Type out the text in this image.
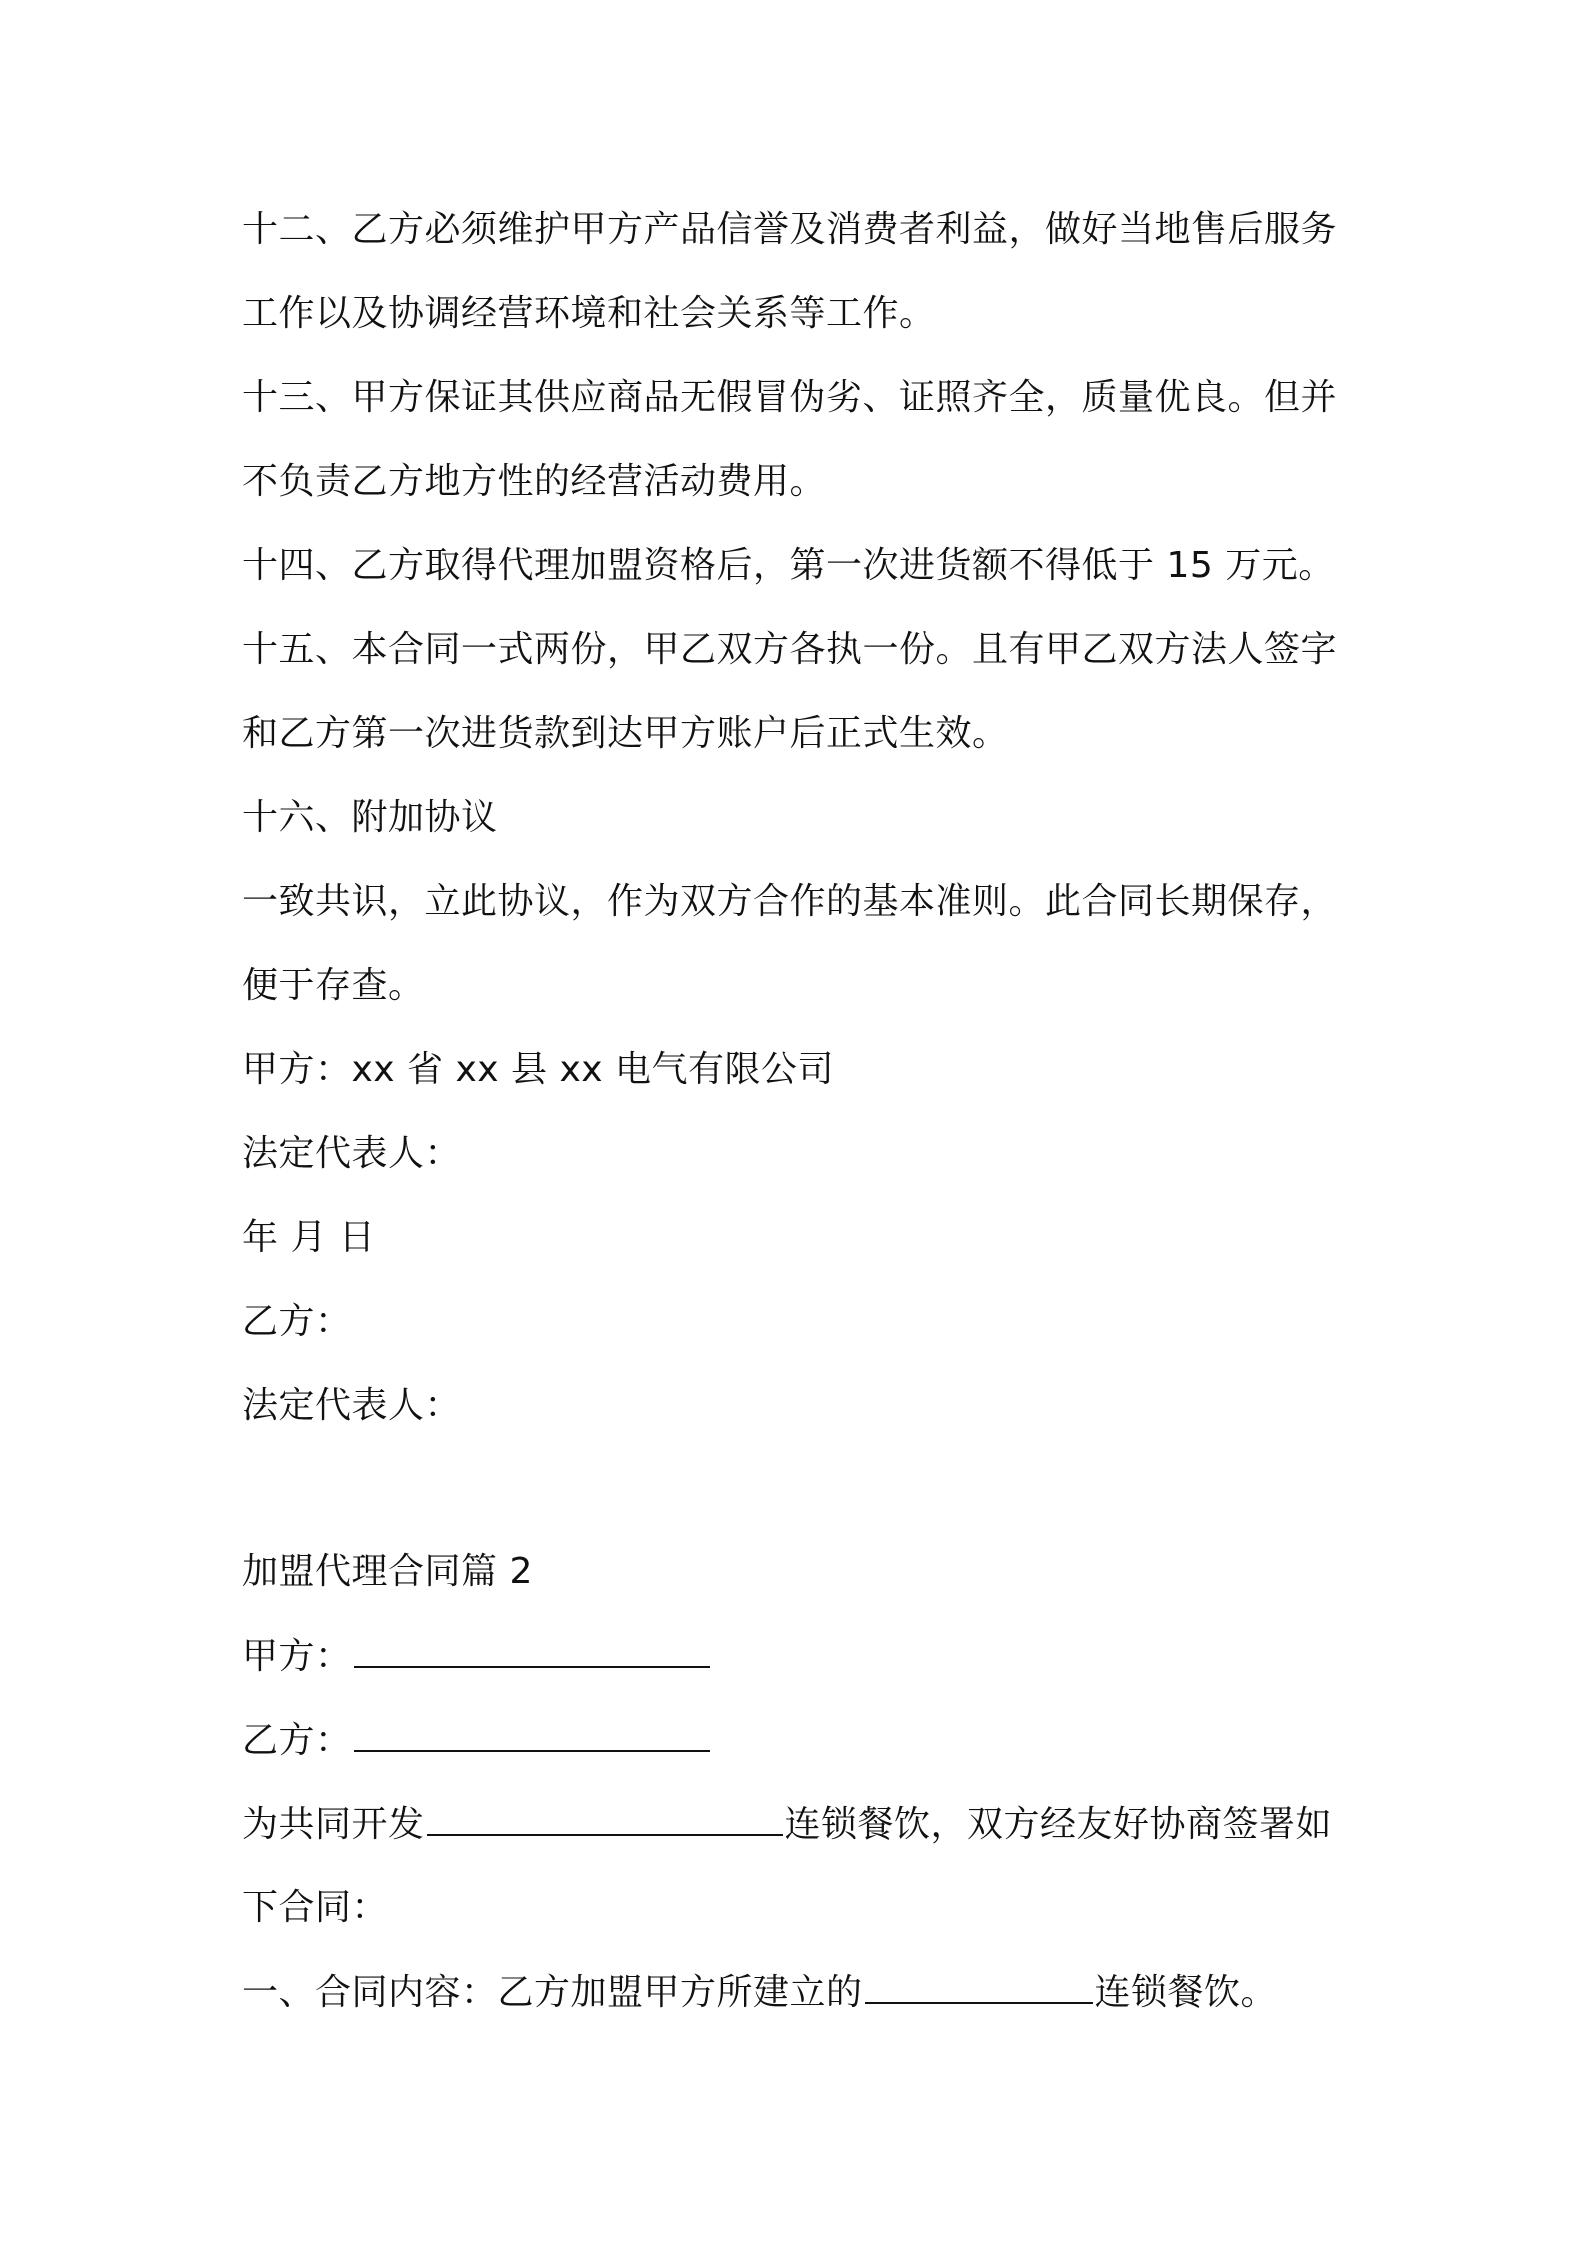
十二、乙方必须维护甲方产品信誉及消费者利益，做好当地售后服务
工作以及协调经营环境和社会关系等工作。
十三、甲方保证其供应商品无假冒伪劣、证照齐全，质量优良。但并
不负责乙方地方性的经营活动费用。
十四、乙方取得代理加盟资格后，第一次进货额不得低于 15 万元。
十五、本合同一式两份，甲乙双方各执一份。且有甲乙双方法人签字
和乙方第一次进货款到达甲方账户后正式生效。
十六、附加协议
一致共识，立此协议，作为双方合作的基本准则。此合同长期保存，
便于存查。
甲方：xx 省 xx 县 xx 电气有限公司
法定代表人：
年 月 日
乙方：
法定代表人：
加盟代理合同篇 2
甲方：
乙方：
为共同开发	连锁餐饮，双方经友好协商签署如
下合同：
一、合同内容：乙方加盟甲方所建立的	连锁餐饮。
